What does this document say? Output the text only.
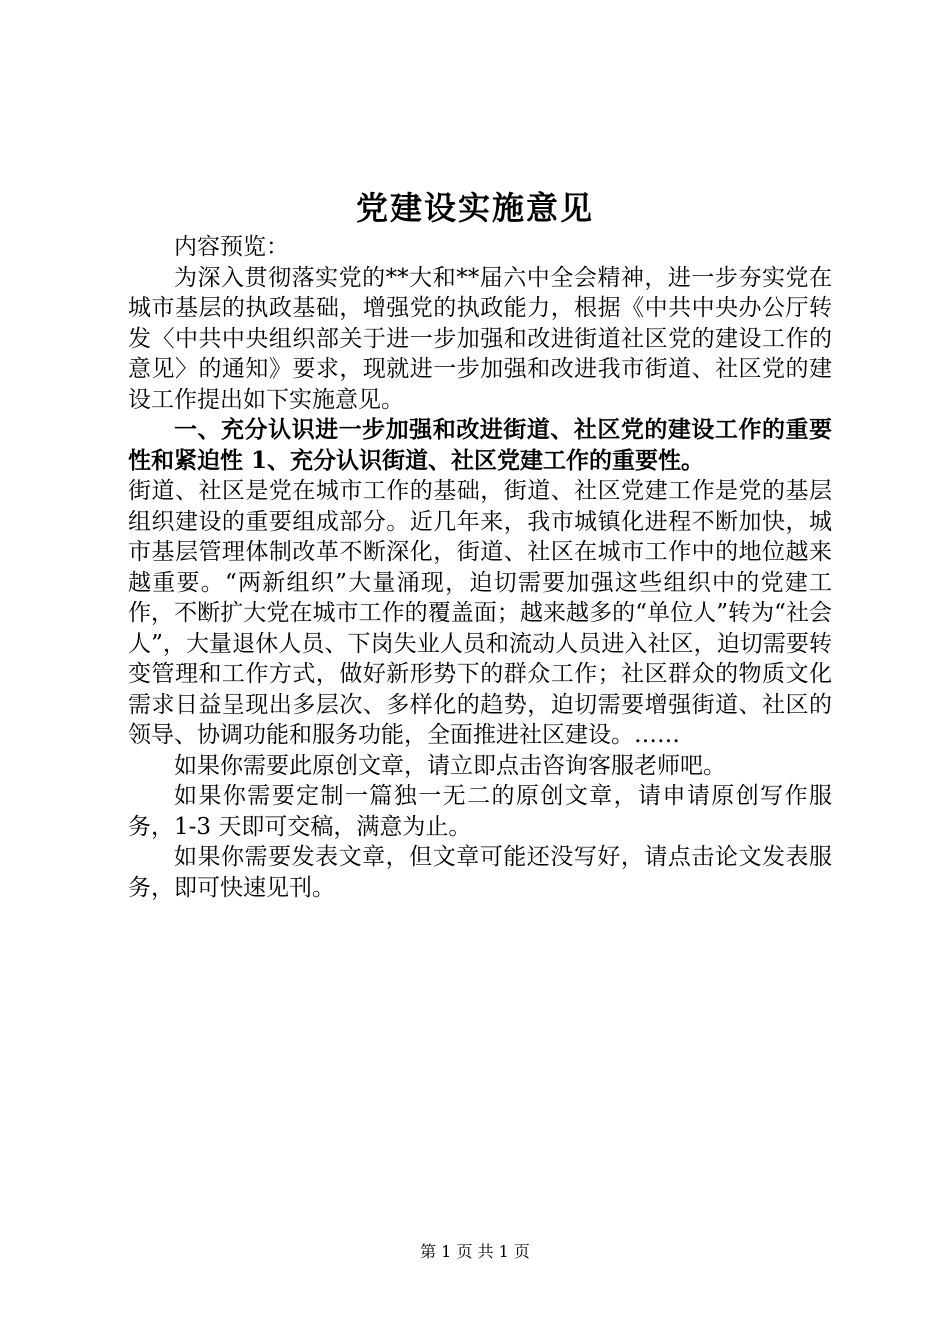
党建设实施意见

内容预览：

为深入贯彻落实党的**大和**届六中全会精神，进一步夯实党在城市基层的执政基础，增强党的执政能力，根据《中共中央办公厅转发〈中共中央组织部关于进一步加强和改进街道社区党的建设工作的意见〉的通知》要求，现就进一步加强和改进我市街道、社区党的建设工作提出如下实施意见。

一、充分认识进一步加强和改进街道、社区党的建设工作的重要性和紧迫性 1、充分认识街道、社区党建工作的重要性。

街道、社区是党在城市工作的基础，街道、社区党建工作是党的基层组织建设的重要组成部分。近几年来，我市城镇化进程不断加快，城市基层管理体制改革不断深化，街道、社区在城市工作中的地位越来越重要。“两新组织”大量涌现，迫切需要加强这些组织中的党建工作，不断扩大党在城市工作的覆盖面；越来越多的“单位人”转为“社会人”，大量退休人员、下岗失业人员和流动人员进入社区，迫切需要转变管理和工作方式，做好新形势下的群众工作；社区群众的物质文化需求日益呈现出多层次、多样化的趋势，迫切需要增强街道、社区的领导、协调功能和服务功能，全面推进社区建设。……

如果你需要此原创文章，请立即点击咨询客服老师吧。

如果你需要定制一篇独一无二的原创文章，请申请原创写作服务，1-3 天即可交稿，满意为止。

如果你需要发表文章，但文章可能还没写好，请点击论文发表服务，即可快速见刊。

第 1 页 共 1 页
